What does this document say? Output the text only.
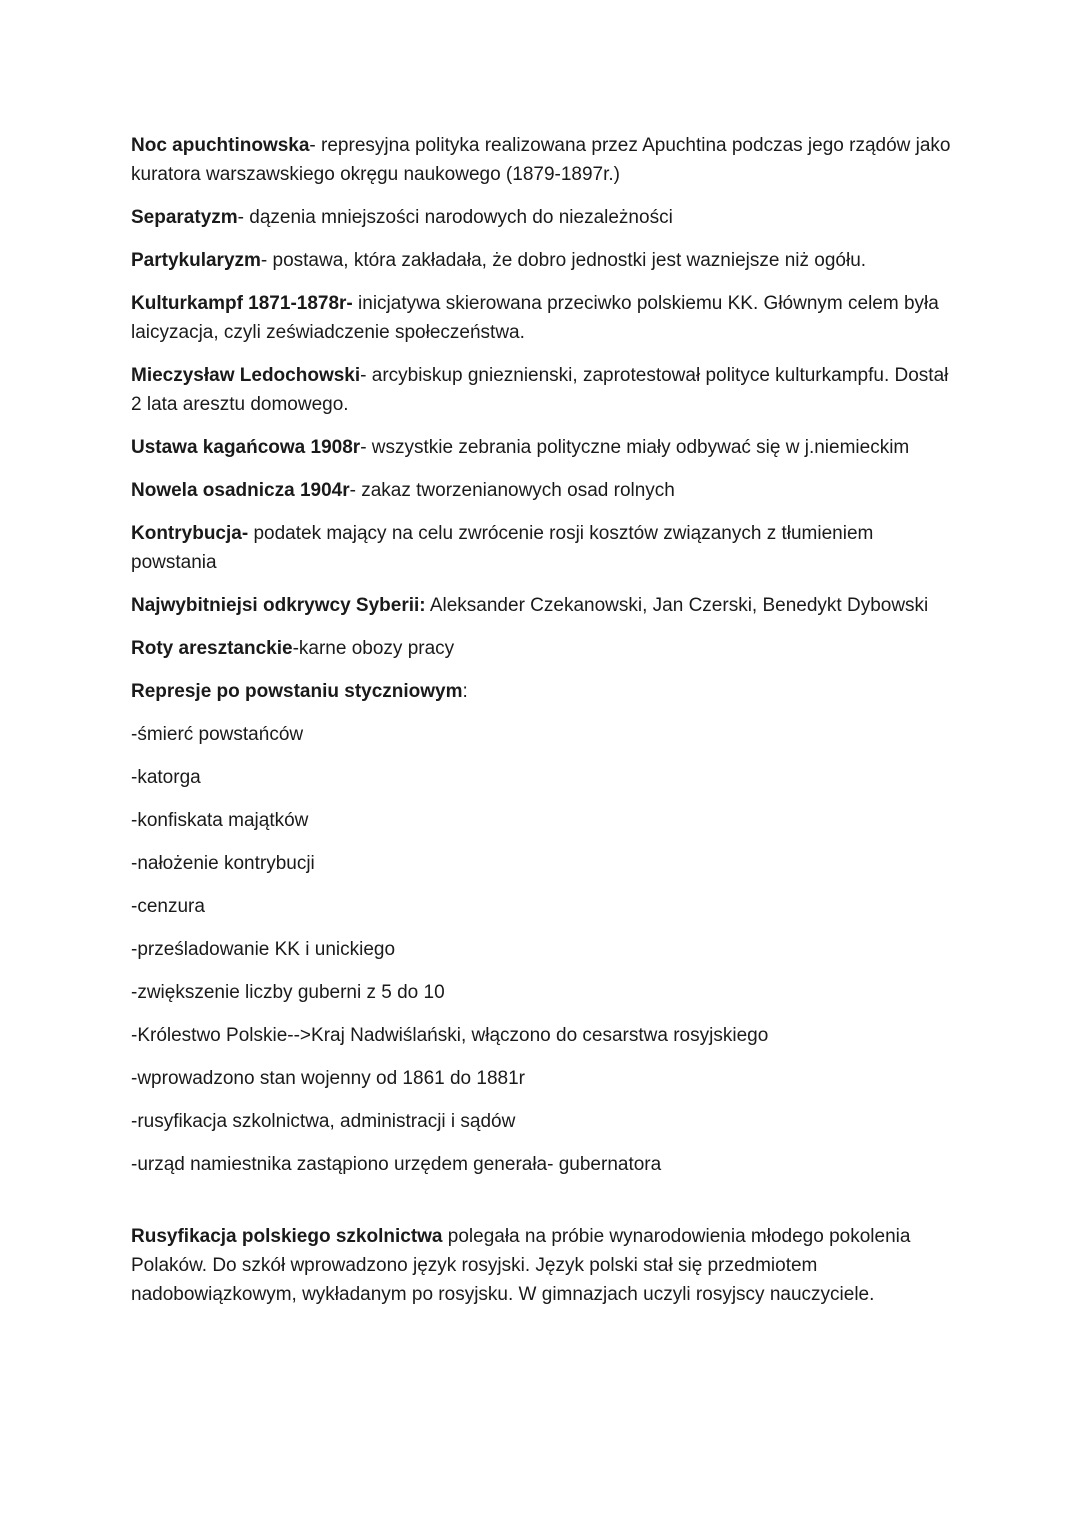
Noc apuchtinowska- represyjna polityka realizowana przez Apuchtina podczas jego rządów jako kuratora warszawskiego okręgu naukowego (1879-1897r.)

Separatyzm- dązenia mniejszości narodowych do niezależności

Partykularyzm- postawa, która zakładała, że dobro jednostki jest wazniejsze niż ogółu.

Kulturkampf 1871-1878r- inicjatywa skierowana przeciwko polskiemu KK. Głównym celem była laicyzacja, czyli zeświadczenie społeczeństwa.

Mieczysław Ledochowski- arcybiskup gnieznienski, zaprotestował polityce kulturkampfu. Dostał 2 lata aresztu domowego.

Ustawa kagańcowa 1908r- wszystkie zebrania polityczne miały odbywać się w j.niemieckim

Nowela osadnicza 1904r- zakaz tworzenianowych osad rolnych

Kontrybucja- podatek mający na celu zwrócenie rosji kosztów związanych z tłumieniem powstania

Najwybitniejsi odkrywcy Syberii: Aleksander Czekanowski, Jan Czerski, Benedykt Dybowski

Roty aresztanckie-karne obozy pracy

Represje po powstaniu styczniowym:

-śmierć powstańców

-katorga

-konfiskata majątków

-nałożenie kontrybucji

-cenzura

-prześladowanie KK i unickiego

-zwiększenie liczby guberni z 5 do 10

-Królestwo Polskie-->Kraj Nadwiślański, włączono do cesarstwa rosyjskiego

-wprowadzono stan wojenny od 1861 do 1881r

-rusyfikacja szkolnictwa, administracji i sądów

-urząd namiestnika zastąpiono urzędem generała- gubernatora

Rusyfikacja polskiego szkolnictwa polegała na próbie wynarodowienia młodego pokolenia Polaków. Do szkół wprowadzono język rosyjski. Język polski stał się przedmiotem nadobowiązkowym, wykładanym po rosyjsku. W gimnazjach uczyli rosyjscy nauczyciele.
